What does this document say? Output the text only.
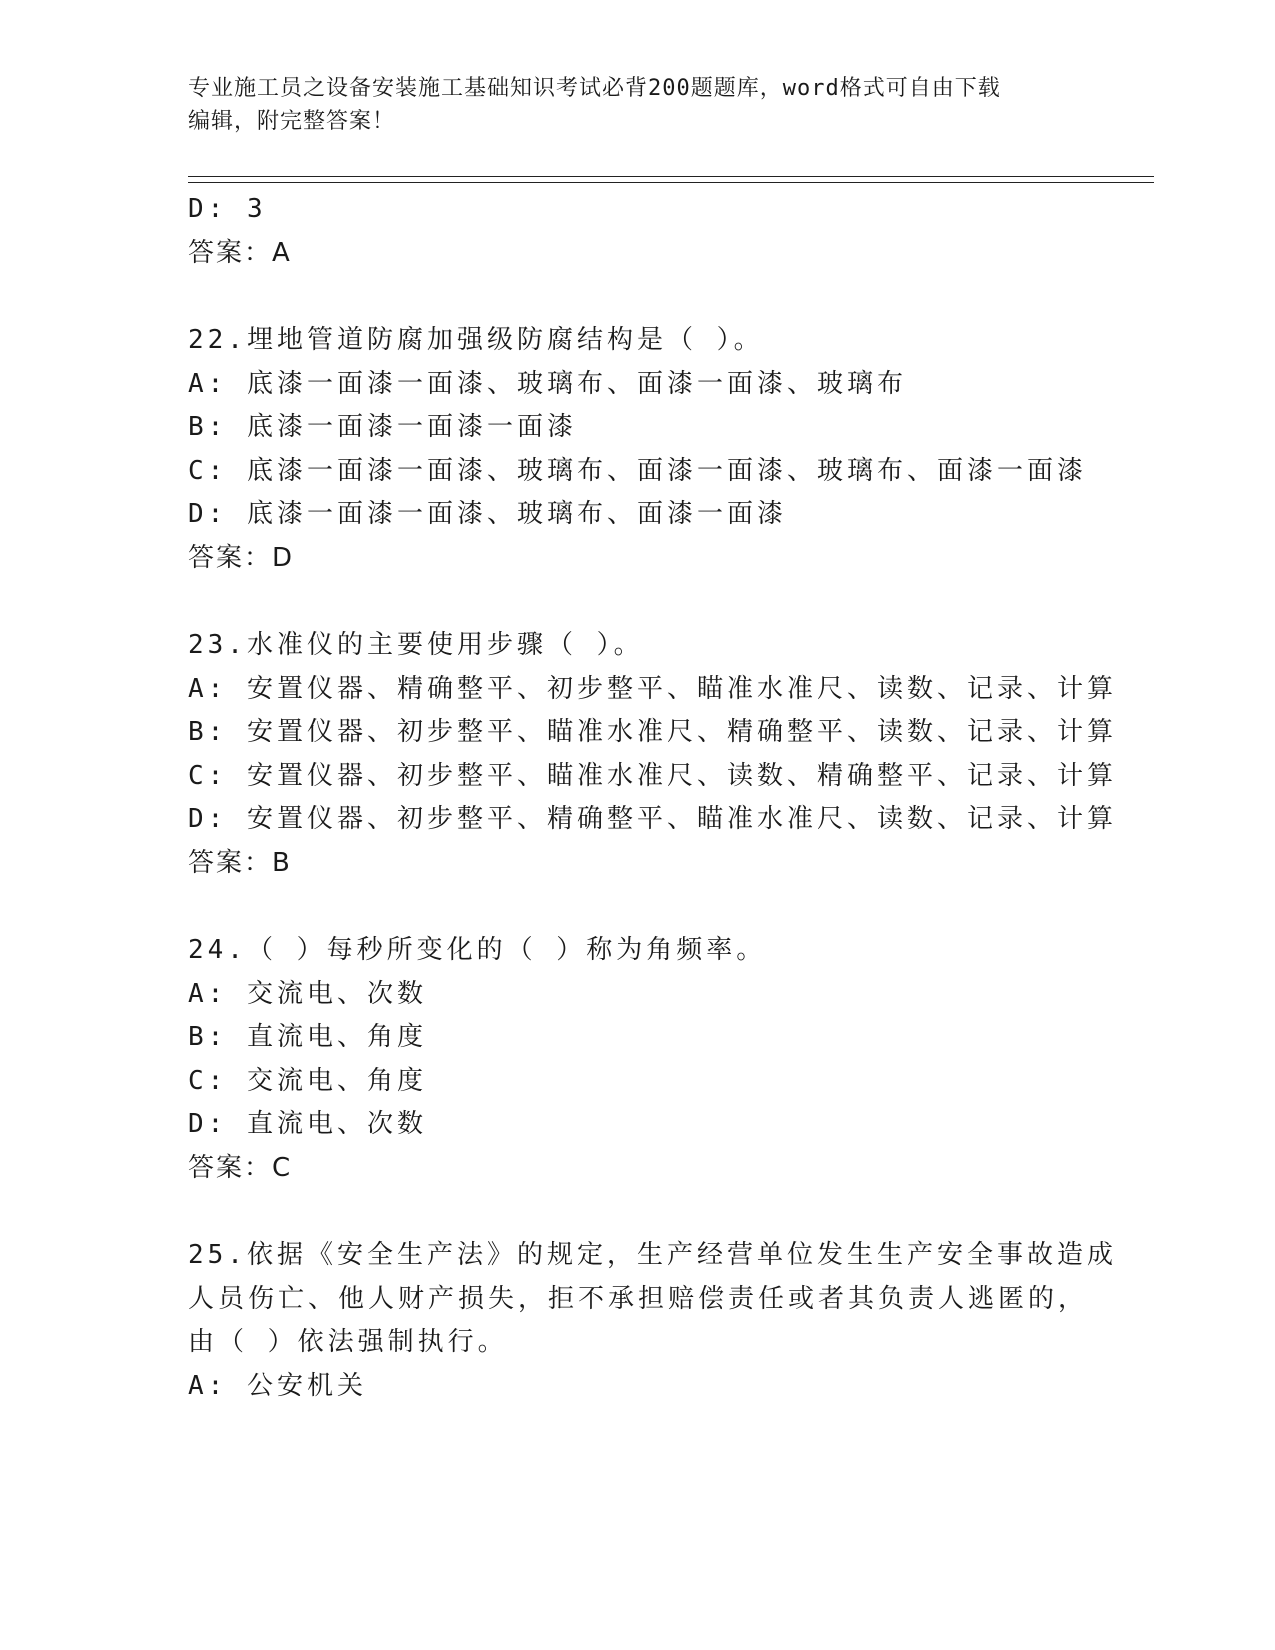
专业施工员之设备安装施工基础知识考试必背200题题库，word格式可自由下载
编辑，附完整答案！
D: 3
答案：A
22.埋地管道防腐加强级防腐结构是（ ）。
A: 底漆一面漆一面漆、玻璃布、面漆一面漆、玻璃布
B: 底漆一面漆一面漆一面漆
C: 底漆一面漆一面漆、玻璃布、面漆一面漆、玻璃布、面漆一面漆
D: 底漆一面漆一面漆、玻璃布、面漆一面漆
答案：D
23.水准仪的主要使用步骤（ ）。
A: 安置仪器、精确整平、初步整平、瞄准水准尺、读数、记录、计算
B: 安置仪器、初步整平、瞄准水准尺、精确整平、读数、记录、计算
C: 安置仪器、初步整平、瞄准水准尺、读数、精确整平、记录、计算
D: 安置仪器、初步整平、精确整平、瞄准水准尺、读数、记录、计算
答案：B
24.（ ）每秒所变化的（ ）称为角频率。
A: 交流电、次数
B: 直流电、角度
C: 交流电、角度
D: 直流电、次数
答案：C
25.依据《安全生产法》的规定，生产经营单位发生生产安全事故造成
人员伤亡、他人财产损失，拒不承担赔偿责任或者其负责人逃匿的，
由（ ）依法强制执行。
A: 公安机关
